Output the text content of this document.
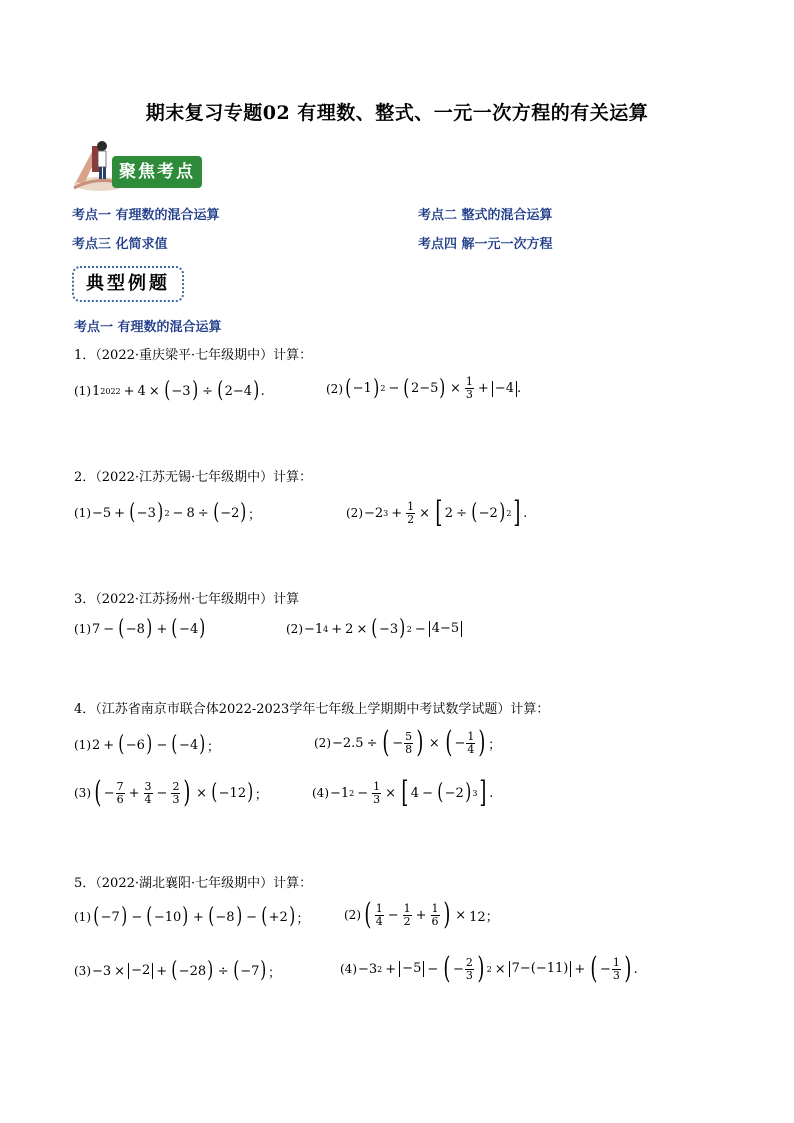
期末复习专题02 有理数、整式、一元一次方程的有关运算
聚焦考点
考点一 有理数的混合运算	考点二 整式的混合运算
考点三 化简求值	考点四 解一元一次方程
典型例题
考点一 有理数的混合运算
1．（2022·重庆梁平·七年级期中）计算：
(1) 1 2022 + 4 × ( −3 ) ÷ ( 2−4 ) .	(2) ( −1 ) 2 − ( 2−5 ) × $\frac{1}{3} + -4$ .
2．（2022·江苏无锡·七年级期中）计算：
(1) −5 + ( −3 ) 2 − 8 ÷ ( −2 ) ；	(2) −2 $3 + \frac{1}{2}$ × [ 2 ÷ ( −2 ) 2 ] .
3．（2022·江苏扬州·七年级期中）计算
(1) 7 − ( −8 ) + ( −4 )	(2) −1 4 + 2 × ( −3 ) 2 − 4−5
4．（江苏省南京市联合体2022-2023学年七年级上学期期中考试数学试题）计算：
(1) 2 + ( −6 ) − ( −4 ) ；	(2) −2.5 ÷ ( − $\frac{5}{8}$ ) × ( − $\frac{1}{4}$ ) ；
(3) ( − $\frac{7}{6} + \frac{3}{4} - \frac{2}{3}$ ) × ( −12 ) ；	(4) −1 $2 - \frac{1}{3}$ × [ 4 − ( −2 ) 3 ] .
5．（2022·湖北襄阳·七年级期中）计算：
(1) ( −7 ) − ( −10 ) + ( −8 ) − ( +2 ) ；	(2) ( $\frac{1}{4} - \frac{1}{2} + \frac{1}{6}$ ) × 12；
(3) −3 × −2 + ( −28 ) ÷ ( −7 ) ；	(4) −3 2 + −5 − ( − $\frac{2}{3}$ ) 2 × 7−(−11) + ( − $\frac{1}{3}$ ) .
